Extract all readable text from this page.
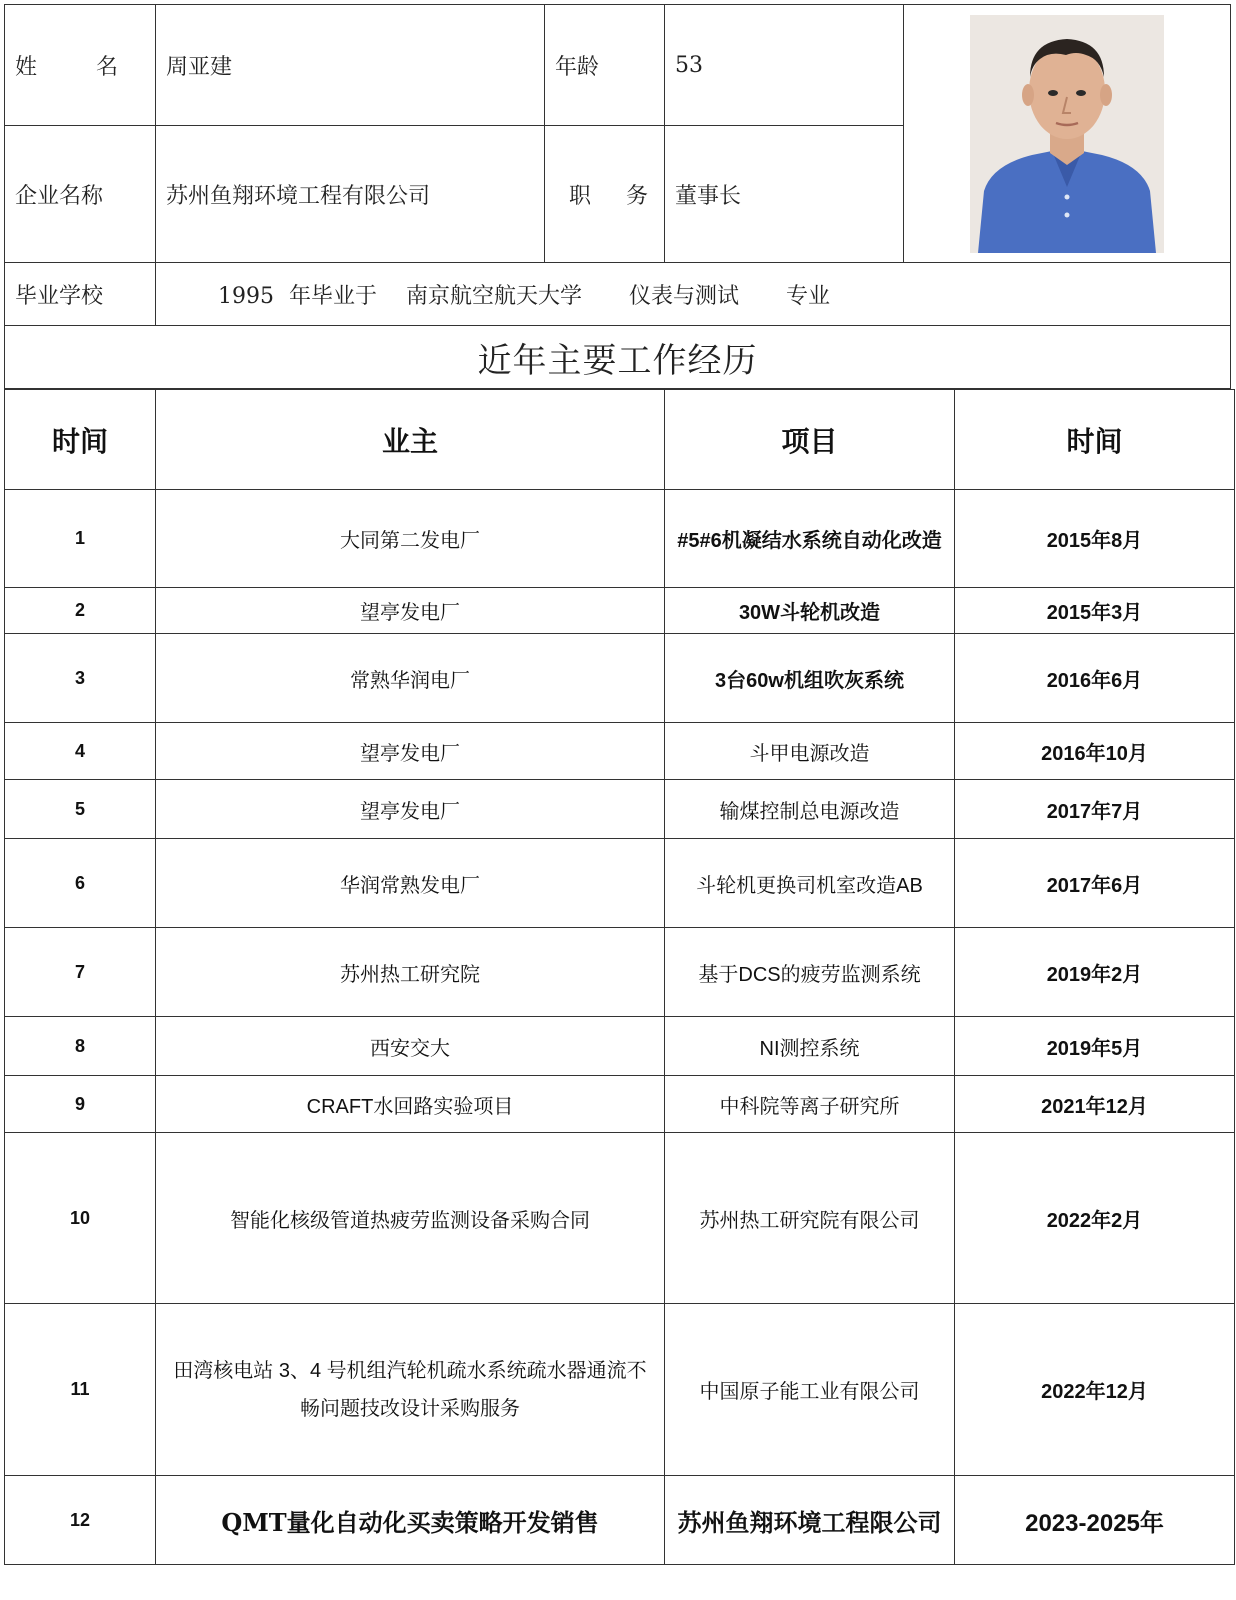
姓 名	周亚建	年龄	53	

企业名称	苏州鱼翔环境工程有限公司	职 务	董事长	
毕业学校	1995 年毕业于 南京航空航天大学 仪表与测试 专业			
近年主要工作经历				
时间	业主	项目	时间
1	大同第二发电厂	#5#6机凝结水系统自动化改造	2015年8月
2	望亭发电厂	30W斗轮机改造	2015年3月
3	常熟华润电厂	3台60w机组吹灰系统	2016年6月
4	望亭发电厂	斗甲电源改造	2016年10月
5	望亭发电厂	输煤控制总电源改造	2017年7月
6	华润常熟发电厂	斗轮机更换司机室改造AB	2017年6月
7	苏州热工研究院	基于DCS的疲劳监测系统	2019年2月
8	西安交大	NI测控系统	2019年5月
9	CRAFT水回路实验项目	中科院等离子研究所	2021年12月
10	智能化核级管道热疲劳监测设备采购合同	苏州热工研究院有限公司	2022年2月
11	田湾核电站 3、4 号机组汽轮机疏水系统疏水器通流不
畅问题技改设计采购服务	中国原子能工业有限公司	2022年12月
12	QMT量化自动化买卖策略开发销售	苏州鱼翔环境工程限公司	2023-2025年
